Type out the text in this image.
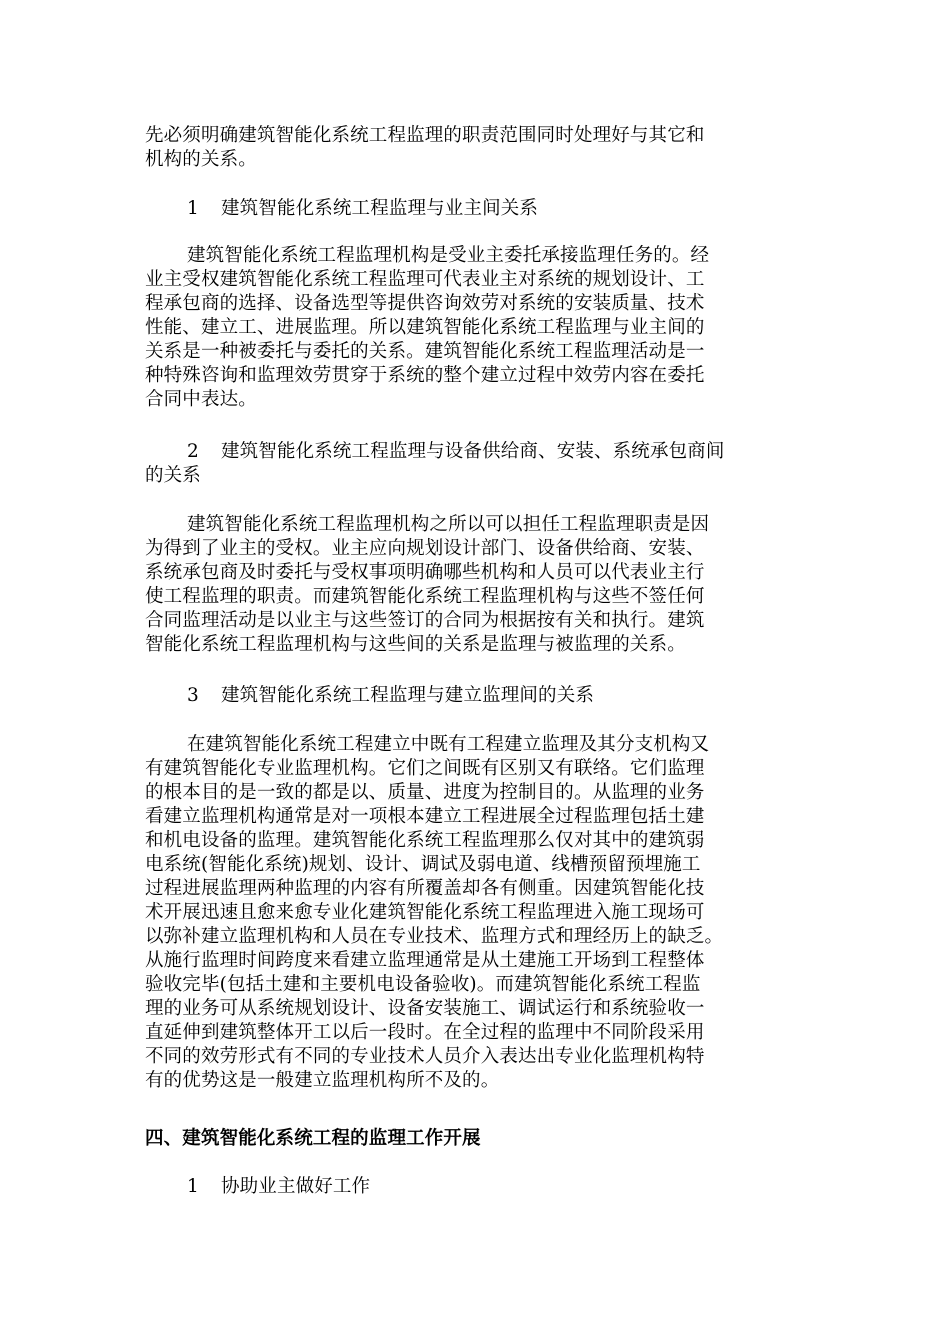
先必须明确建筑智能化系统工程监理的职责范围同时处理好与其它和
机构的关系。
1 建筑智能化系统工程监理与业主间关系
建筑智能化系统工程监理机构是受业主委托承接监理任务的。经
业主受权建筑智能化系统工程监理可代表业主对系统的规划设计、工
程承包商的选择、设备选型等提供咨询效劳对系统的安装质量、技术
性能、建立工、进展监理。所以建筑智能化系统工程监理与业主间的
关系是一种被委托与委托的关系。建筑智能化系统工程监理活动是一
种特殊咨询和监理效劳贯穿于系统的整个建立过程中效劳内容在委托
合同中表达。
2 建筑智能化系统工程监理与设备供给商、安装、系统承包商间
的关系
建筑智能化系统工程监理机构之所以可以担任工程监理职责是因
为得到了业主的受权。业主应向规划设计部门、设备供给商、安装、
系统承包商及时委托与受权事项明确哪些机构和人员可以代表业主行
使工程监理的职责。而建筑智能化系统工程监理机构与这些不签任何
合同监理活动是以业主与这些签订的合同为根据按有关和执行。建筑
智能化系统工程监理机构与这些间的关系是监理与被监理的关系。
3 建筑智能化系统工程监理与建立监理间的关系
在建筑智能化系统工程建立中既有工程建立监理及其分支机构又
有建筑智能化专业监理机构。它们之间既有区别又有联络。它们监理
的根本目的是一致的都是以、质量、进度为控制目的。从监理的业务
看建立监理机构通常是对一项根本建立工程进展全过程监理包括土建
和机电设备的监理。建筑智能化系统工程监理那么仅对其中的建筑弱
电系统(智能化系统)规划、设计、调试及弱电道、线槽预留预埋施工
过程进展监理两种监理的内容有所覆盖却各有侧重。因建筑智能化技
术开展迅速且愈来愈专业化建筑智能化系统工程监理进入施工现场可
以弥补建立监理机构和人员在专业技术、监理方式和理经历上的缺乏。
从施行监理时间跨度来看建立监理通常是从土建施工开场到工程整体
验收完毕(包括土建和主要机电设备验收)。而建筑智能化系统工程监
理的业务可从系统规划设计、设备安装施工、调试运行和系统验收一
直延伸到建筑整体开工以后一段时。在全过程的监理中不同阶段采用
不同的效劳形式有不同的专业技术人员介入表达出专业化监理机构特
有的优势这是一般建立监理机构所不及的。
四、建筑智能化系统工程的监理工作开展
1 协助业主做好工作
